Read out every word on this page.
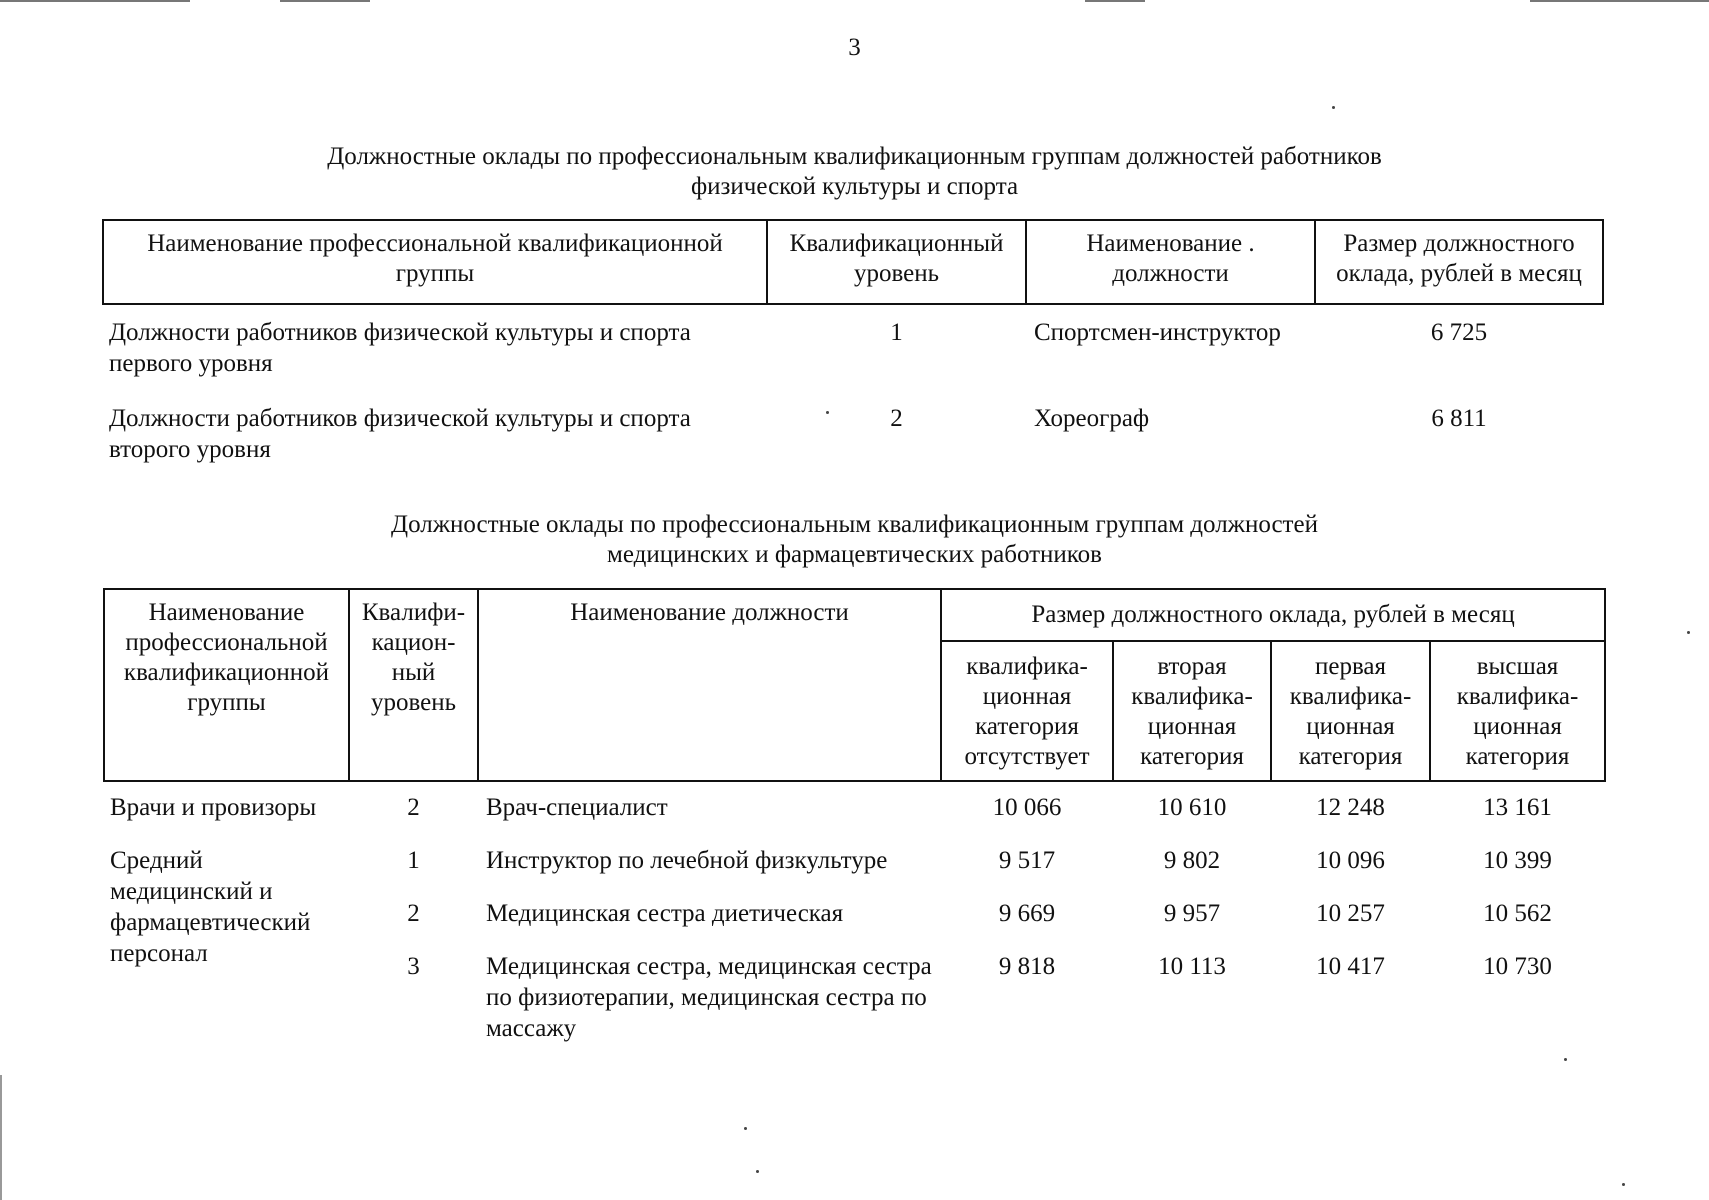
3
Должностные оклады по профессиональным квалификационным группам должностей работников
физической культуры и спорта
Наименование профессиональной квалификационной группы	Квалификационный уровень	Наименование . должности	Размер должностного оклада, рублей в месяц
Должности работников физической культуры и спорта первого уровня	1	Спортсмен-инструктор	6 725
Должности работников физической культуры и спорта второго уровня	2	Хореограф	6 811
Должностные оклады по профессиональным квалификационным группам должностей
медицинских и фармацевтических работников
Наименование профессиональной квалификационной группы	Квалифи-кацион-ный уровень	Наименование должности	Размер должностного оклада, рублей в месяц			
			квалифика-ционная категория отсутствует	вторая квалифика-ционная категория	первая квалифика-ционная категория	высшая квалифика-ционная категория
Врачи и провизоры	2	Врач-специалист	10 066	10 610	12 248	13 161
Средний медицинский и фармацевтический персонал	1	Инструктор по лечебной физкультуре	9 517	9 802	10 096	10 399
	2	Медицинская сестра диетическая	9 669	9 957	10 257	10 562
	3	Медицинская сестра, медицинская сестра по физиотерапии, медицинская сестра по массажу	9 818	10 113	10 417	10 730
